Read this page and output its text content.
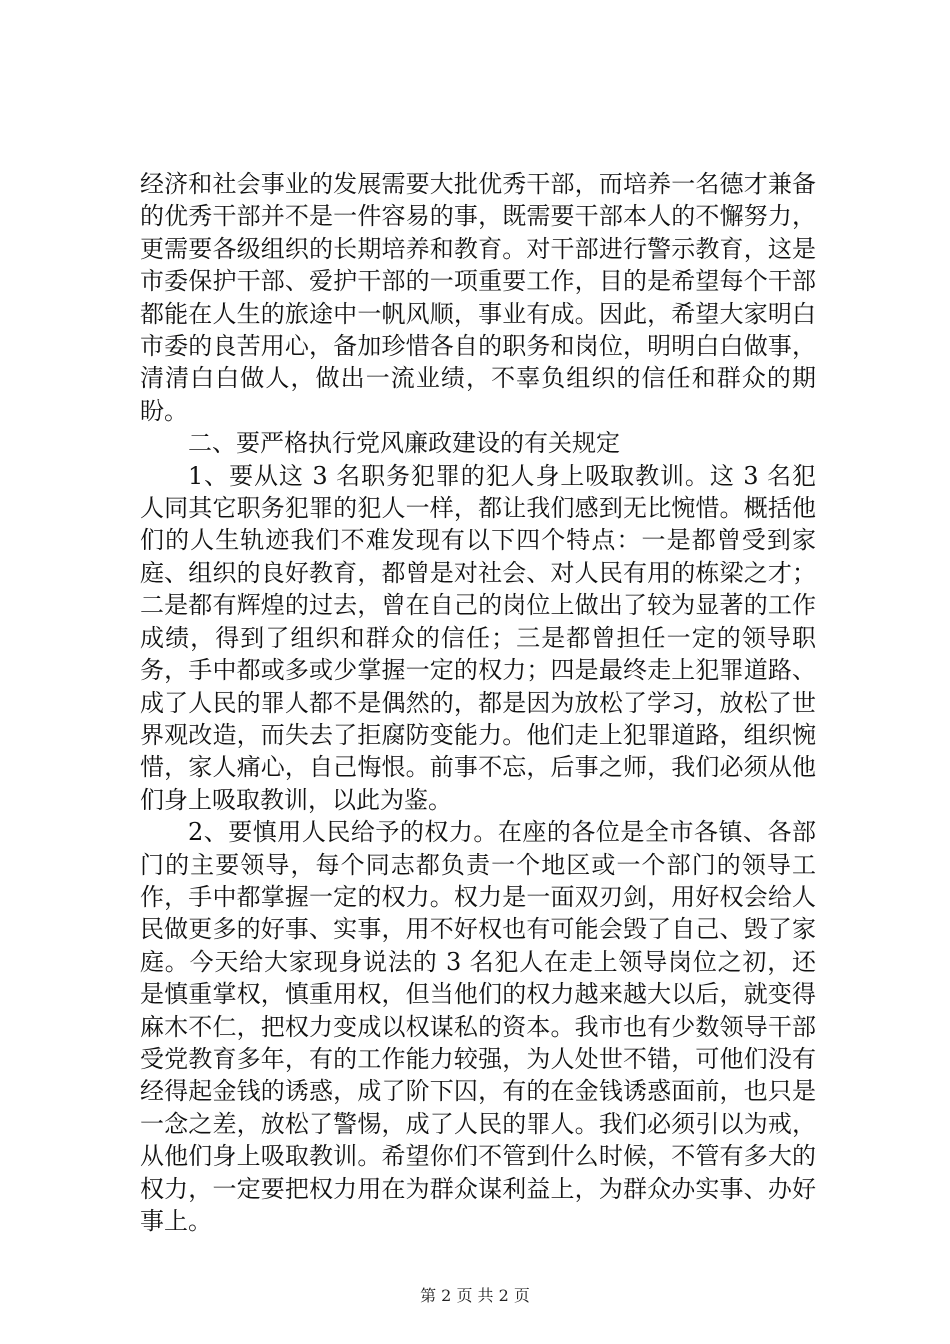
经济和社会事业的发展需要大批优秀干部，而培养一名德才兼备的优秀干部并不是一件容易的事，既需要干部本人的不懈努力，更需要各级组织的长期培养和教育。对干部进行警示教育，这是市委保护干部、爱护干部的一项重要工作，目的是希望每个干部都能在人生的旅途中一帆风顺，事业有成。因此，希望大家明白市委的良苦用心，备加珍惜各自的职务和岗位，明明白白做事，清清白白做人，做出一流业绩，不辜负组织的信任和群众的期盼。

二、要严格执行党风廉政建设的有关规定

1、要从这 3 名职务犯罪的犯人身上吸取教训。这 3 名犯人同其它职务犯罪的犯人一样，都让我们感到无比惋惜。概括他们的人生轨迹我们不难发现有以下四个特点：一是都曾受到家庭、组织的良好教育，都曾是对社会、对人民有用的栋梁之才；二是都有辉煌的过去，曾在自己的岗位上做出了较为显著的工作成绩，得到了组织和群众的信任；三是都曾担任一定的领导职务，手中都或多或少掌握一定的权力；四是最终走上犯罪道路、成了人民的罪人都不是偶然的，都是因为放松了学习，放松了世界观改造，而失去了拒腐防变能力。他们走上犯罪道路，组织惋惜，家人痛心，自己悔恨。前事不忘，后事之师，我们必须从他们身上吸取教训，以此为鉴。

2、要慎用人民给予的权力。在座的各位是全市各镇、各部门的主要领导，每个同志都负责一个地区或一个部门的领导工作，手中都掌握一定的权力。权力是一面双刃剑，用好权会给人民做更多的好事、实事，用不好权也有可能会毁了自己、毁了家庭。今天给大家现身说法的 3 名犯人在走上领导岗位之初，还是慎重掌权，慎重用权，但当他们的权力越来越大以后，就变得麻木不仁，把权力变成以权谋私的资本。我市也有少数领导干部受党教育多年，有的工作能力较强，为人处世不错，可他们没有经得起金钱的诱惑，成了阶下囚，有的在金钱诱惑面前，也只是一念之差，放松了警惕，成了人民的罪人。我们必须引以为戒，从他们身上吸取教训。希望你们不管到什么时候，不管有多大的权力，一定要把权力用在为群众谋利益上，为群众办实事、办好事上。

第 2 页 共 2 页
